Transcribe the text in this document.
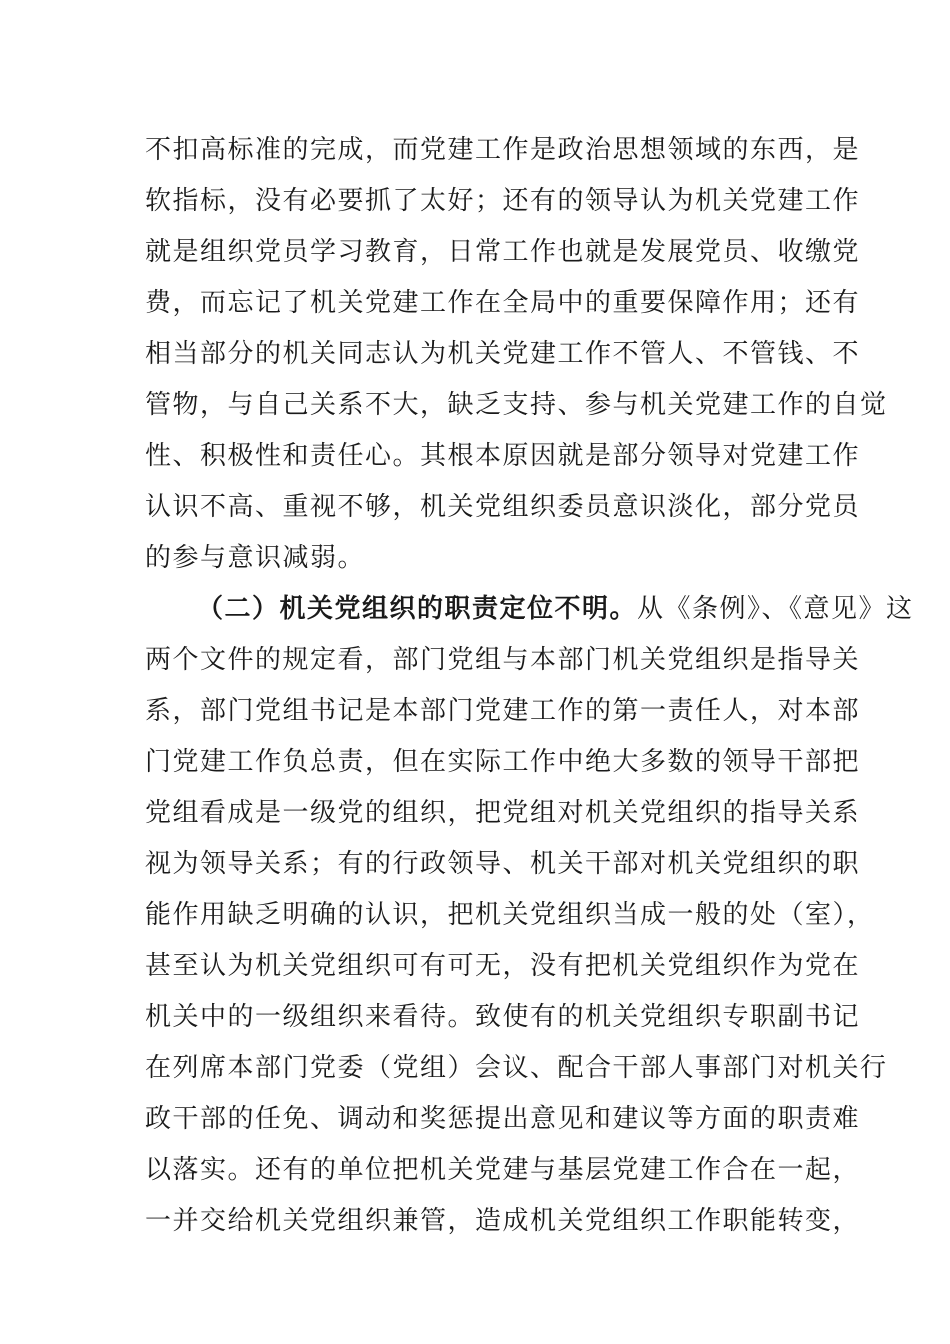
不扣高标准的完成，而党建工作是政治思想领域的东西，是
软指标，没有必要抓了太好；还有的领导认为机关党建工作
就是组织党员学习教育，日常工作也就是发展党员、收缴党
费，而忘记了机关党建工作在全局中的重要保障作用；还有
相当部分的机关同志认为机关党建工作不管人、不管钱、不
管物，与自己关系不大，缺乏支持、参与机关党建工作的自觉
性、积极性和责任心。其根本原因就是部分领导对党建工作
认识不高、重视不够，机关党组织委员意识淡化，部分党员
的参与意识减弱。
（二）机关党组织的职责定位不明。从《条例》、《意见》这
两个文件的规定看，部门党组与本部门机关党组织是指导关
系，部门党组书记是本部门党建工作的第一责任人，对本部
门党建工作负总责，但在实际工作中绝大多数的领导干部把
党组看成是一级党的组织，把党组对机关党组织的指导关系
视为领导关系；有的行政领导、机关干部对机关党组织的职
能作用缺乏明确的认识，把机关党组织当成一般的处（室），
甚至认为机关党组织可有可无，没有把机关党组织作为党在
机关中的一级组织来看待。致使有的机关党组织专职副书记
在列席本部门党委（党组）会议、配合干部人事部门对机关行
政干部的任免、调动和奖惩提出意见和建议等方面的职责难
以落实。还有的单位把机关党建与基层党建工作合在一起，
一并交给机关党组织兼管，造成机关党组织工作职能转变，
